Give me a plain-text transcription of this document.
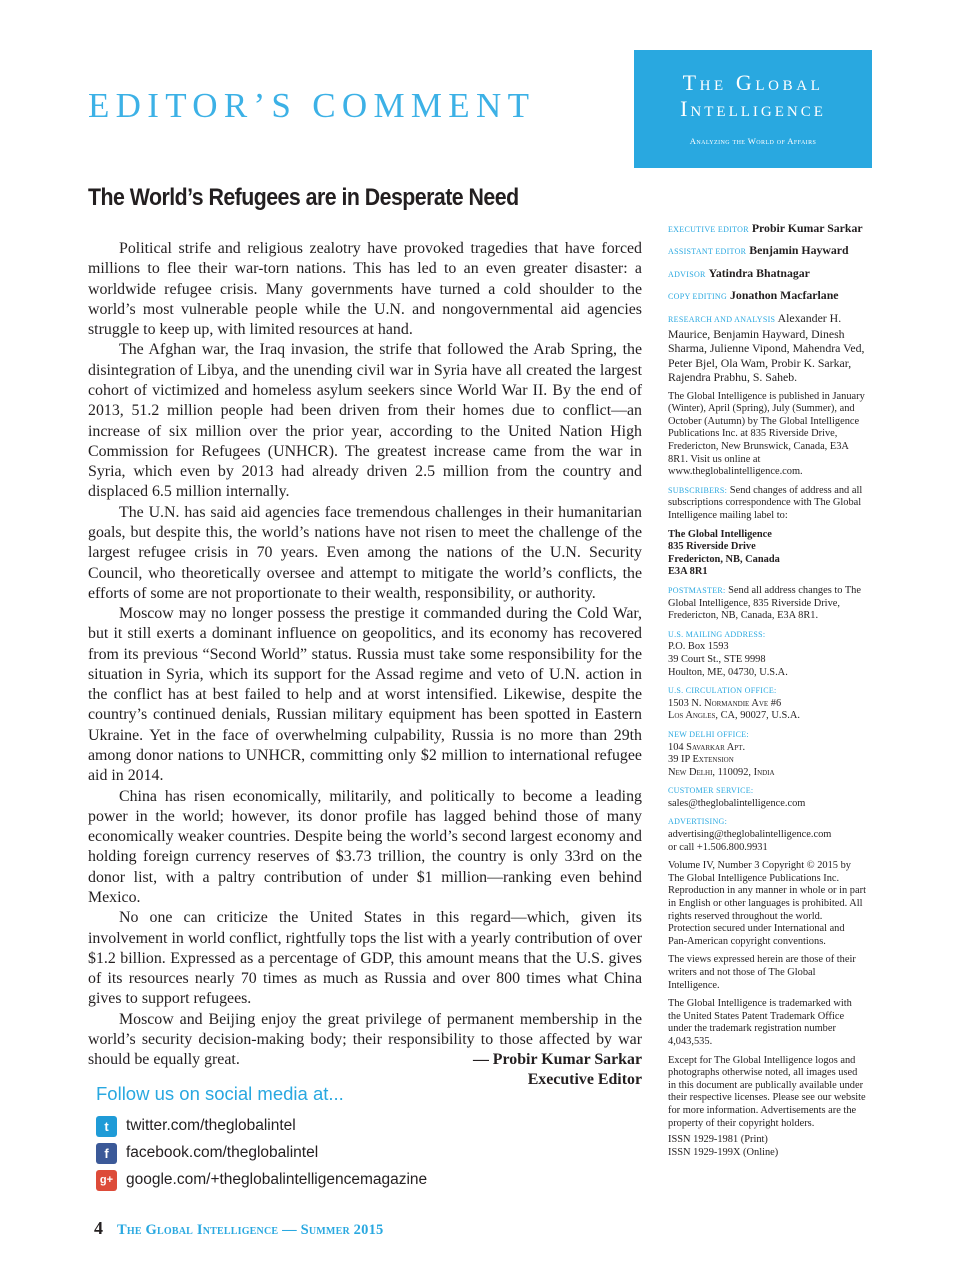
EDITOR’S COMMENT
The Global
Intelligence
Analyzing the World of Affairs
The World’s Refugees are in Desperate Need

Political strife and religious zealotry have provoked tragedies that have forced millions to flee their war-torn nations. This has led to an even greater disaster: a worldwide refugee crisis. Many governments have turned a cold shoulder to the world’s most vulnerable people while the U.N. and nongovernmental aid agencies struggle to keep up, with limited resources at hand.

The Afghan war, the Iraq invasion, the strife that followed the Arab Spring, the disintegration of Libya, and the unending civil war in Syria have all created the largest cohort of victimized and homeless asylum seekers since World War II. By the end of 2013, 51.2 million people had been driven from their homes due to conflict—an increase of six million over the prior year, according to the United Nation High Commission for Refugees (UNHCR). The greatest increase came from the war in Syria, which even by 2013 had already driven 2.5 million from the country and displaced 6.5 million internally.

The U.N. has said aid agencies face tremendous challenges in their humanitarian goals, but despite this, the world’s nations have not risen to meet the challenge of the largest refugee crisis in 70 years. Even among the nations of the U.N. Security Council, who theoretically oversee and attempt to mitigate the world’s conflicts, the efforts of some are not proportionate to their wealth, responsibility, or authority.

Moscow may no longer possess the prestige it commanded during the Cold War, but it still exerts a dominant influence on geopolitics, and its economy has recovered from its previous “Second World” status. Russia must take some responsibility for the situation in Syria, which its support for the Assad regime and veto of U.N. action in the conflict has at best failed to help and at worst intensified. Likewise, despite the country’s continued denials, Russian military equipment has been spotted in Eastern Ukraine. Yet in the face of overwhelming culpability, Russia is no more than 29th among donor nations to UNHCR, committing only $2 million to international refugee aid in 2014.

China has risen economically, militarily, and politically to become a leading power in the world; however, its donor profile has lagged behind those of many economically weaker countries. Despite being the world’s second largest economy and holding foreign currency reserves of $3.73 trillion, the country is only 33rd on the donor list, with a paltry contribution of under $1 million—ranking even behind Mexico.

No one can criticize the United States in this regard—which, given its involvement in world conflict, rightfully tops the list with a yearly contribution of over $1.2 billion. Expressed as a percentage of GDP, this amount means that the U.S. gives of its resources nearly 70 times as much as Russia and over 800 times what China gives to support refugees.

Moscow and Beijing enjoy the great privilege of permanent membership in the world’s security decision-making body; their responsibility to those affected by war should be equally great.	— Probir Kumar Sarkar
Executive Editor
Follow us on social media at...
t	twitter.com/theglobalintel
f	facebook.com/theglobalintel
g+ google.com/+theglobalintelligencemagazine
4 The Global Intelligence — Summer 2015
EXECUTIVE EDITOR Probir Kumar Sarkar
ASSISTANT EDITOR Benjamin Hayward
ADVISOR Yatindra Bhatnagar
COPY EDITING Jonathon Macfarlane
RESEARCH AND ANALYSIS Alexander H. Maurice, Benjamin Hayward, Dinesh Sharma, Julienne Vipond, Mahendra Ved, Peter Bjel, Ola Wam, Probir K. Sarkar, Rajendra Prabhu, S. Saheb.
The Global Intelligence is published in January (Winter), April (Spring), July (Summer), and October (Autumn) by The Global Intelligence Publications Inc. at 835 Riverside Drive, Fredericton, New Brunswick, Canada, E3A 8R1. Visit us online at www.theglobalintelligence.com.
SUBSCRIBERS: Send changes of address and all subscriptions correspondence with The Global Intelligence mailing label to:
The Global Intelligence
835 Riverside Drive
Fredericton, NB, Canada
E3A 8R1
POSTMASTER: Send all address changes to The Global Intelligence, 835 Riverside Drive, Fredericton, NB, Canada, E3A 8R1.
U.S. MAILING ADDRESS:
P.O. Box 1593
39 Court St., STE 9998
Houlton, ME, 04730, U.S.A.
U.S. CIRCULATION OFFICE:
1503 N. Normandie Ave #6
Los Angles, CA, 90027, U.S.A.
NEW DELHI OFFICE:
104 Savarkar Apt.
39 IP Extension
New Delhi, 110092, India
CUSTOMER SERVICE:
sales@theglobalintelligence.com
ADVERTISING:
advertising@theglobalintelligence.com
or call +1.506.800.9931
Volume IV, Number 3 Copyright © 2015 by The Global Intelligence Publications Inc. Reproduction in any manner in whole or in part in English or other languages is prohibited. All rights reserved throughout the world. Protection secured under International and Pan-American copyright conventions.
The views expressed herein are those of their writers and not those of The Global Intelligence.
The Global Intelligence is trademarked with the United States Patent Trademark Office under the trademark registration number 4,043,535.
Except for The Global Intelligence logos and photographs otherwise noted, all images used in this document are publically available under their respective licenses. Please see our website for more information. Advertisements are the property of their copyright holders.
ISSN 1929-1981 (Print)
ISSN 1929-199X (Online)
